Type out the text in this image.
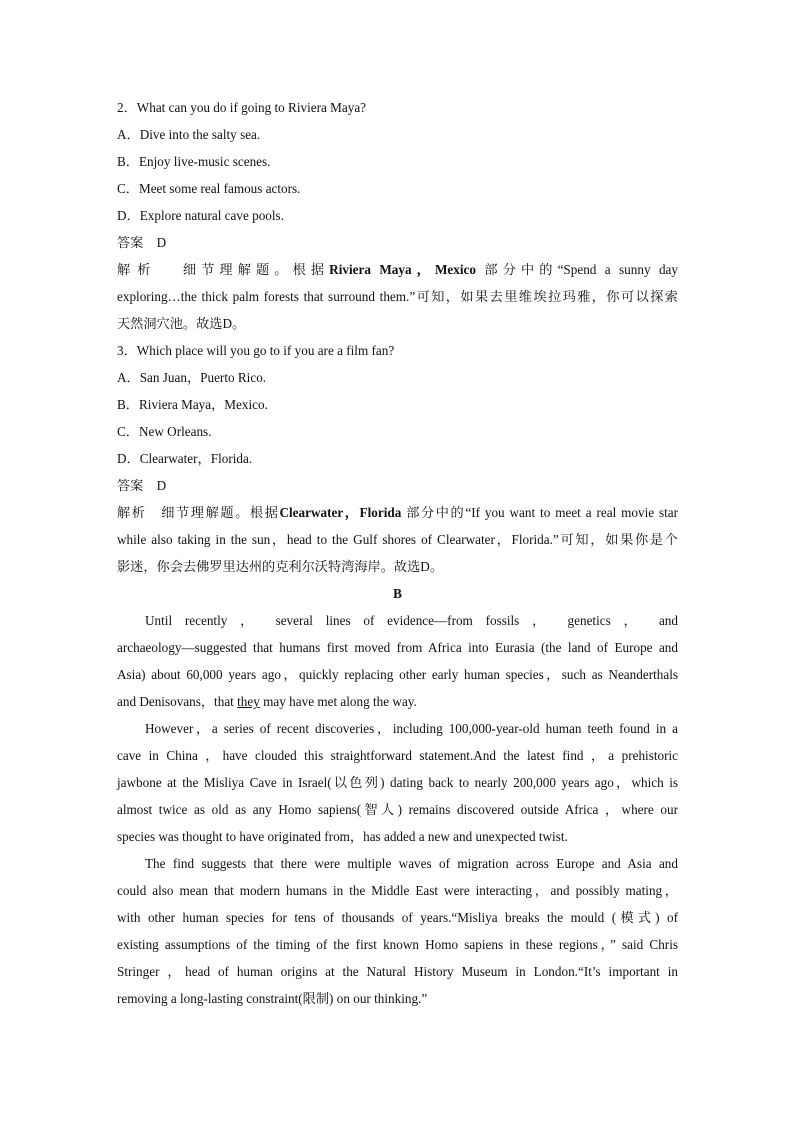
2．What can you do if going to Riviera Maya?
A．Dive into the salty sea.
B．Enjoy live-music scenes.
C．Meet some real famous actors.
D．Explore natural cave pools.
答案 D
解析 细节理解题。根据Riviera Maya，Mexico 部分中的“Spend a sunny day
exploring…the thick palm forests that surround them.”可知，如果去里维埃拉玛雅，你可以探索
天然洞穴池。故选D。
3．Which place will you go to if you are a film fan?
A．San Juan，Puerto Rico.
B．Riviera Maya，Mexico.
C．New Orleans.
D．Clearwater，Florida.
答案 D
解析 细节理解题。根据Clearwater，Florida 部分中的“If you want to meet a real movie star
while also taking in the sun，head to the Gulf shores of Clearwater，Florida.”可知，如果你是个
影迷，你会去佛罗里达州的克利尔沃特湾海岸。故选D。
B
Until recently ， several lines of evidence—from fossils ， genetics ， and
archaeology—suggested that humans first moved from Africa into Eurasia (the land of Europe and
Asia) about 60,000 years ago，quickly replacing other early human species，such as Neanderthals
and Denisovans，that they may have met along the way.
However，a series of recent discoveries，including 100,000-year-old human teeth found in a
cave in China ，have clouded this straightforward statement.And the latest find ，a prehistoric
jawbone at the Misliya Cave in Israel(以色列) dating back to nearly 200,000 years ago，which is
almost twice as old as any Homo sapiens(智人) remains discovered outside Africa ，where our
species was thought to have originated from，has added a new and unexpected twist.
The find suggests that there were multiple waves of migration across Europe and Asia and
could also mean that modern humans in the Middle East were interacting，and possibly mating，
with other human species for tens of thousands of years.“Misliya breaks the mould (模式) of
existing assumptions of the timing of the first known Homo sapiens in these regions，” said Chris
Stringer ，head of human origins at the Natural History Museum in London.“It’s important in
removing a long-lasting constraint(限制) on our thinking.”
